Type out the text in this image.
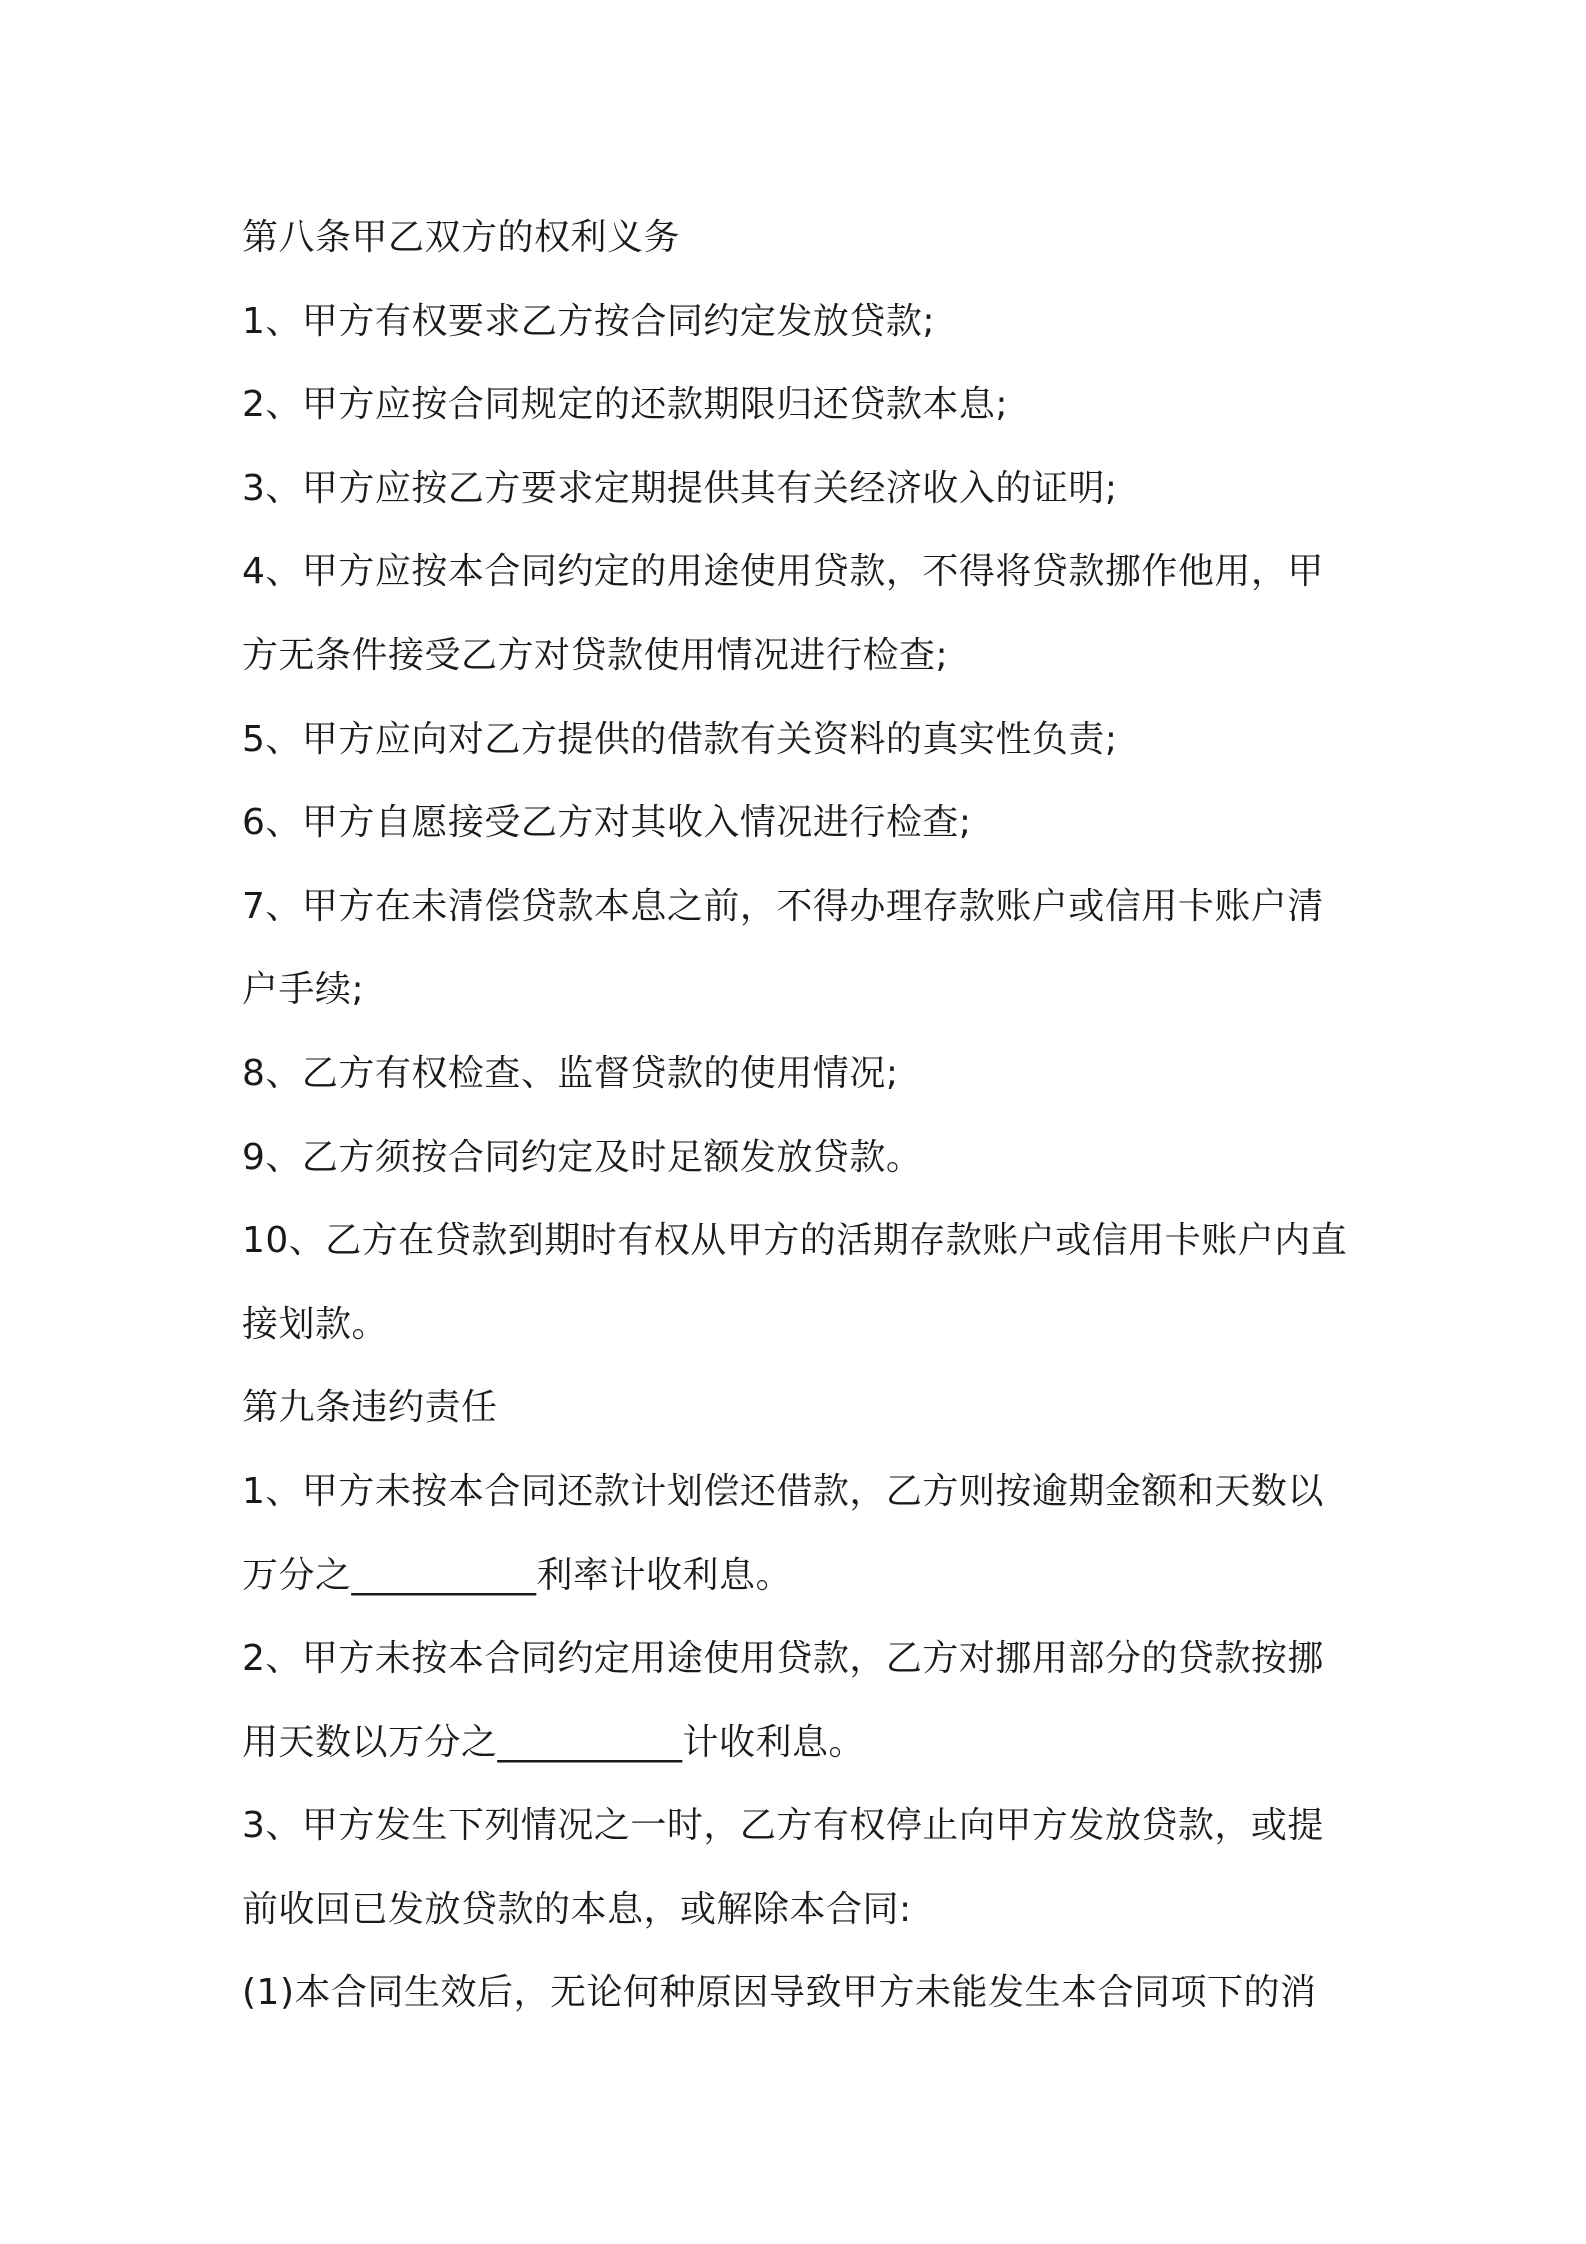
第八条甲乙双方的权利义务
1、甲方有权要求乙方按合同约定发放贷款;
2、甲方应按合同规定的还款期限归还贷款本息;
3、甲方应按乙方要求定期提供其有关经济收入的证明;
4、甲方应按本合同约定的用途使用贷款，不得将贷款挪作他用，甲
方无条件接受乙方对贷款使用情况进行检查;
5、甲方应向对乙方提供的借款有关资料的真实性负责;
6、甲方自愿接受乙方对其收入情况进行检查;
7、甲方在未清偿贷款本息之前，不得办理存款账户或信用卡账户清
户手续;
8、乙方有权检查、监督贷款的使用情况;
9、乙方须按合同约定及时足额发放贷款。
10、乙方在贷款到期时有权从甲方的活期存款账户或信用卡账户内直
接划款。
第九条违约责任
1、甲方未按本合同还款计划偿还借款，乙方则按逾期金额和天数以
万分之__________利率计收利息。
2、甲方未按本合同约定用途使用贷款，乙方对挪用部分的贷款按挪
用天数以万分之__________计收利息。
3、甲方发生下列情况之一时，乙方有权停止向甲方发放贷款，或提
前收回已发放贷款的本息，或解除本合同:
(1)本合同生效后，无论何种原因导致甲方未能发生本合同项下的消
